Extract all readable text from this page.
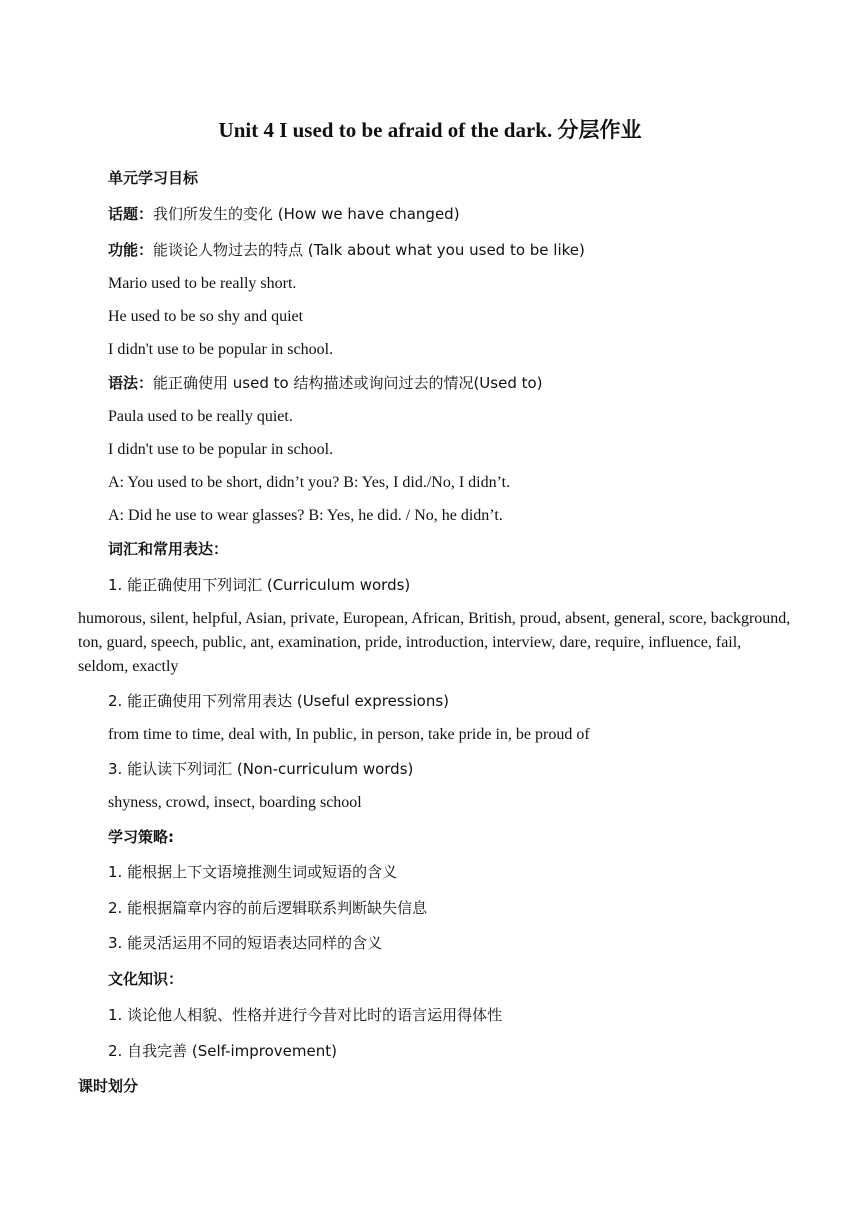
Unit 4 I used to be afraid of the dark. 分层作业
单元学习目标
话题：我们所发生的变化 (How we have changed)
功能：能谈论人物过去的特点 (Talk about what you used to be like)
Mario used to be really short.
He used to be so shy and quiet
I didn't use to be popular in school.
语法：能正确使用 used to 结构描述或询问过去的情况(Used to)
Paula used to be really quiet.
I didn't use to be popular in school.
A: You used to be short, didn’t you? B: Yes, I did./No, I didn’t.
A: Did he use to wear glasses? B: Yes, he did. / No, he didn’t.
词汇和常用表达：
1. 能正确使用下列词汇 (Curriculum words)
humorous, silent, helpful, Asian, private, European, African, British, proud, absent, general, score, background, ton, guard, speech, public, ant, examination, pride, introduction, interview, dare, require, influence, fail, seldom, exactly
2. 能正确使用下列常用表达 (Useful expressions)
from time to time, deal with, In public, in person, take pride in, be proud of
3. 能认读下列词汇 (Non-curriculum words)
shyness, crowd, insect, boarding school
学习策略:
1. 能根据上下文语境推测生词或短语的含义
2. 能根据篇章内容的前后逻辑联系判断缺失信息
3. 能灵活运用不同的短语表达同样的含义
文化知识：
1. 谈论他人相貌、性格并进行今昔对比时的语言运用得体性
2. 自我完善 (Self-improvement)
课时划分
